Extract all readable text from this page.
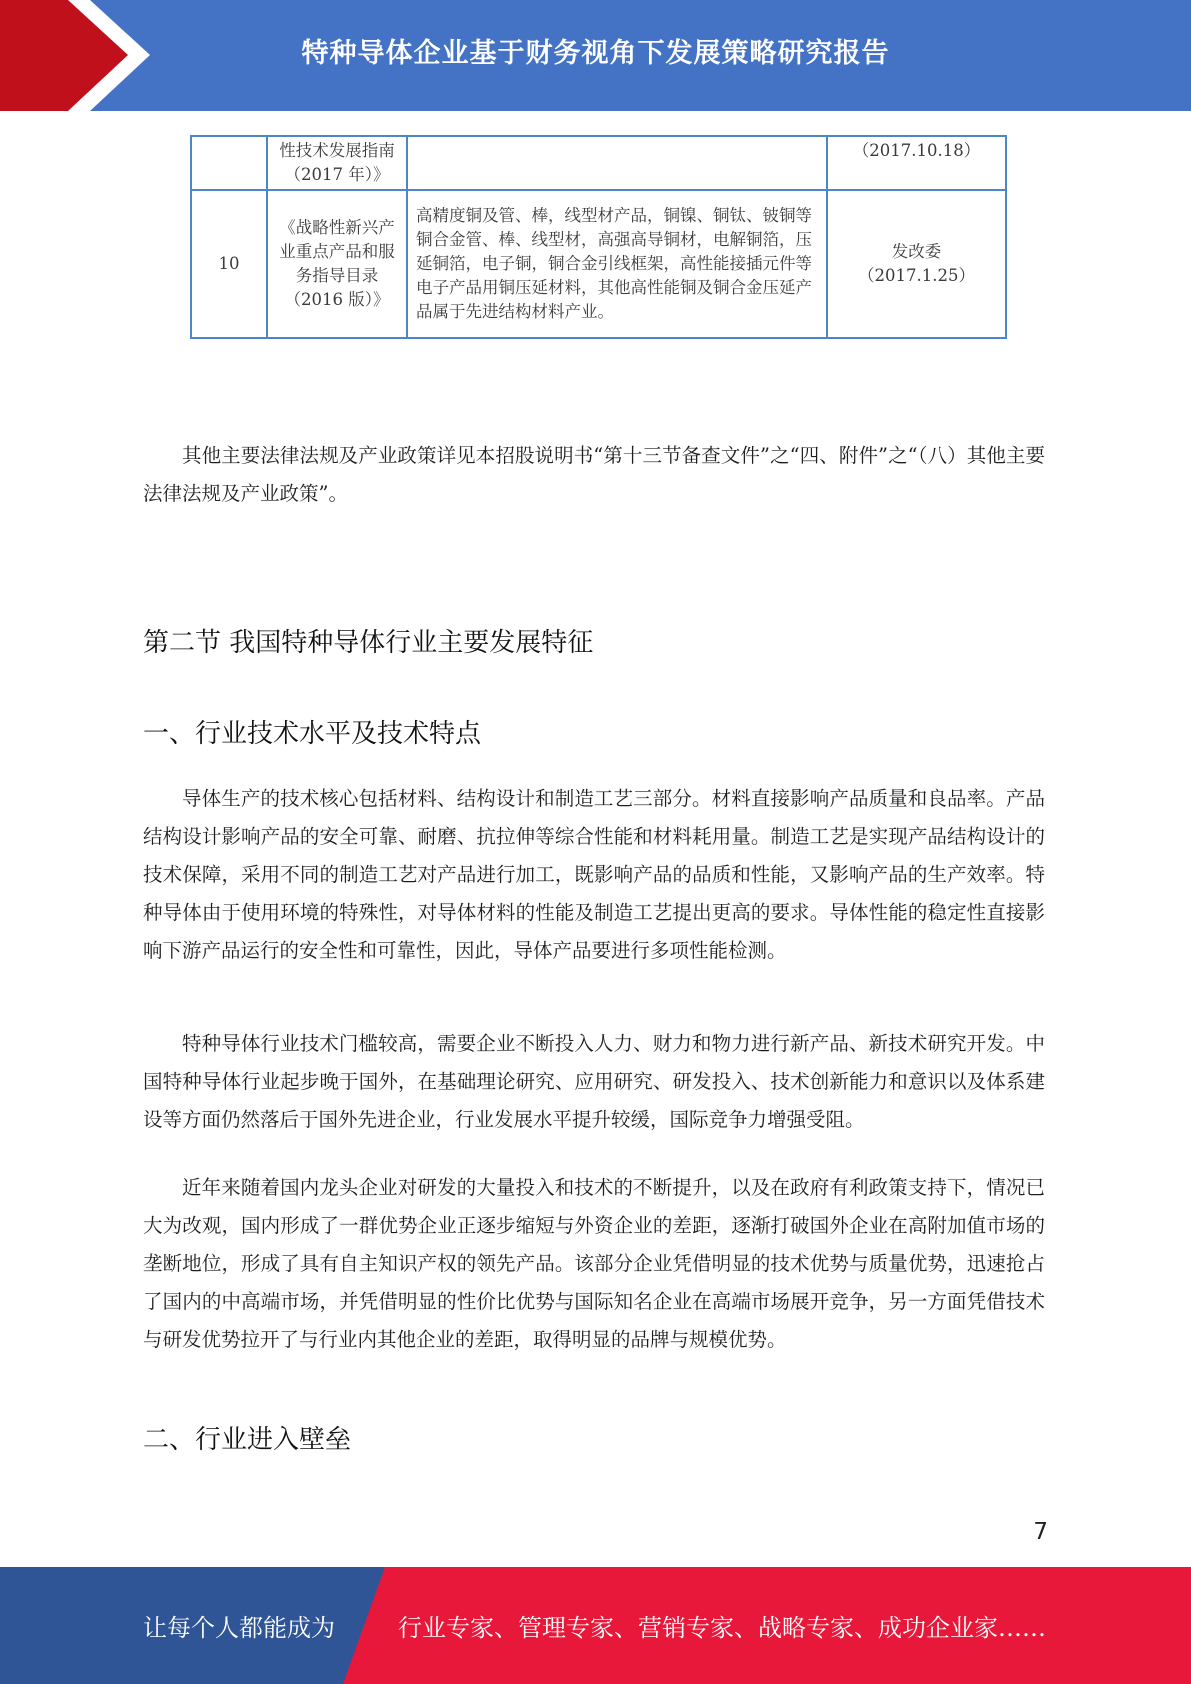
特种导体企业基于财务视角下发展策略研究报告
	性技术发展指南（2017 年）》		（2017.10.18）
10	《战略性新兴产业重点产品和服务指导目录（2016 版）》	高精度铜及管、棒，线型材产品，铜镍、铜钛、铍铜等铜合金管、棒、线型材，高强高导铜材，电解铜箔，压延铜箔，电子铜，铜合金引线框架，高性能接插元件等电子产品用铜压延材料，其他高性能铜及铜合金压延产品属于先进结构材料产业。	发改委（2017.1.25）

其他主要法律法规及产业政策详见本招股说明书“第十三节备查文件”之“四、附件”之“（八）其他主要法律法规及产业政策”。

第二节 我国特种导体行业主要发展特征
一、行业技术水平及技术特点

导体生产的技术核心包括材料、结构设计和制造工艺三部分。材料直接影响产品质量和良品率。产品结构设计影响产品的安全可靠、耐磨、抗拉伸等综合性能和材料耗用量。制造工艺是实现产品结构设计的技术保障，采用不同的制造工艺对产品进行加工，既影响产品的品质和性能，又影响产品的生产效率。特种导体由于使用环境的特殊性，对导体材料的性能及制造工艺提出更高的要求。导体性能的稳定性直接影响下游产品运行的安全性和可靠性，因此，导体产品要进行多项性能检测。

特种导体行业技术门槛较高，需要企业不断投入人力、财力和物力进行新产品、新技术研究开发。中国特种导体行业起步晚于国外，在基础理论研究、应用研究、研发投入、技术创新能力和意识以及体系建设等方面仍然落后于国外先进企业，行业发展水平提升较缓，国际竞争力增强受阻。

近年来随着国内龙头企业对研发的大量投入和技术的不断提升，以及在政府有利政策支持下，情况已大为改观，国内形成了一群优势企业正逐步缩短与外资企业的差距，逐渐打破国外企业在高附加值市场的垄断地位，形成了具有自主知识产权的领先产品。该部分企业凭借明显的技术优势与质量优势，迅速抢占了国内的中高端市场，并凭借明显的性价比优势与国际知名企业在高端市场展开竞争，另一方面凭借技术与研发优势拉开了与行业内其他企业的差距，取得明显的品牌与规模优势。

二、行业进入壁垒
7
让每个人都能成为	行业专家、管理专家、营销专家、战略专家、成功企业家……
